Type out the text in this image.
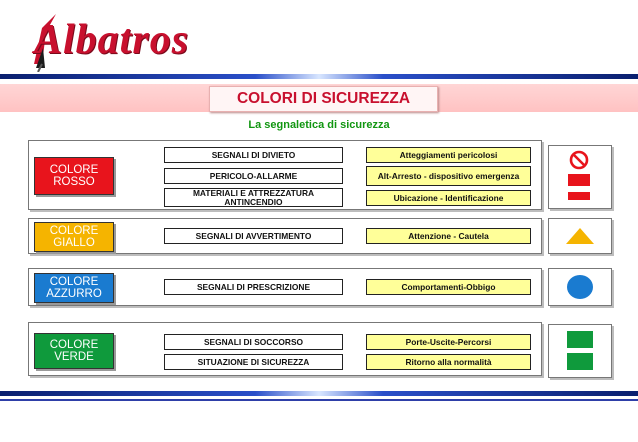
Albatros
COLORI DI SICUREZZA
La segnaletica di sicurezza
COLORE ROSSO
SEGNALI DI DIVIETO
PERICOLO-ALLARME
MATERIALI E ATTREZZATURA ANTINCENDIO
Atteggiamenti pericolosi
Alt-Arresto - dispositivo emergenza
Ubicazione - Identificazione
COLORE GIALLO
SEGNALI DI AVVERTIMENTO	Attenzione - Cautela
COLORE AZZURRO
SEGNALI DI PRESCRIZIONE	Comportamenti-Obbigo
COLORE VERDE
SEGNALI DI SOCCORSO
SITUAZIONE DI SICUREZZA
Porte-Uscite-Percorsi
Ritorno alla normalità
